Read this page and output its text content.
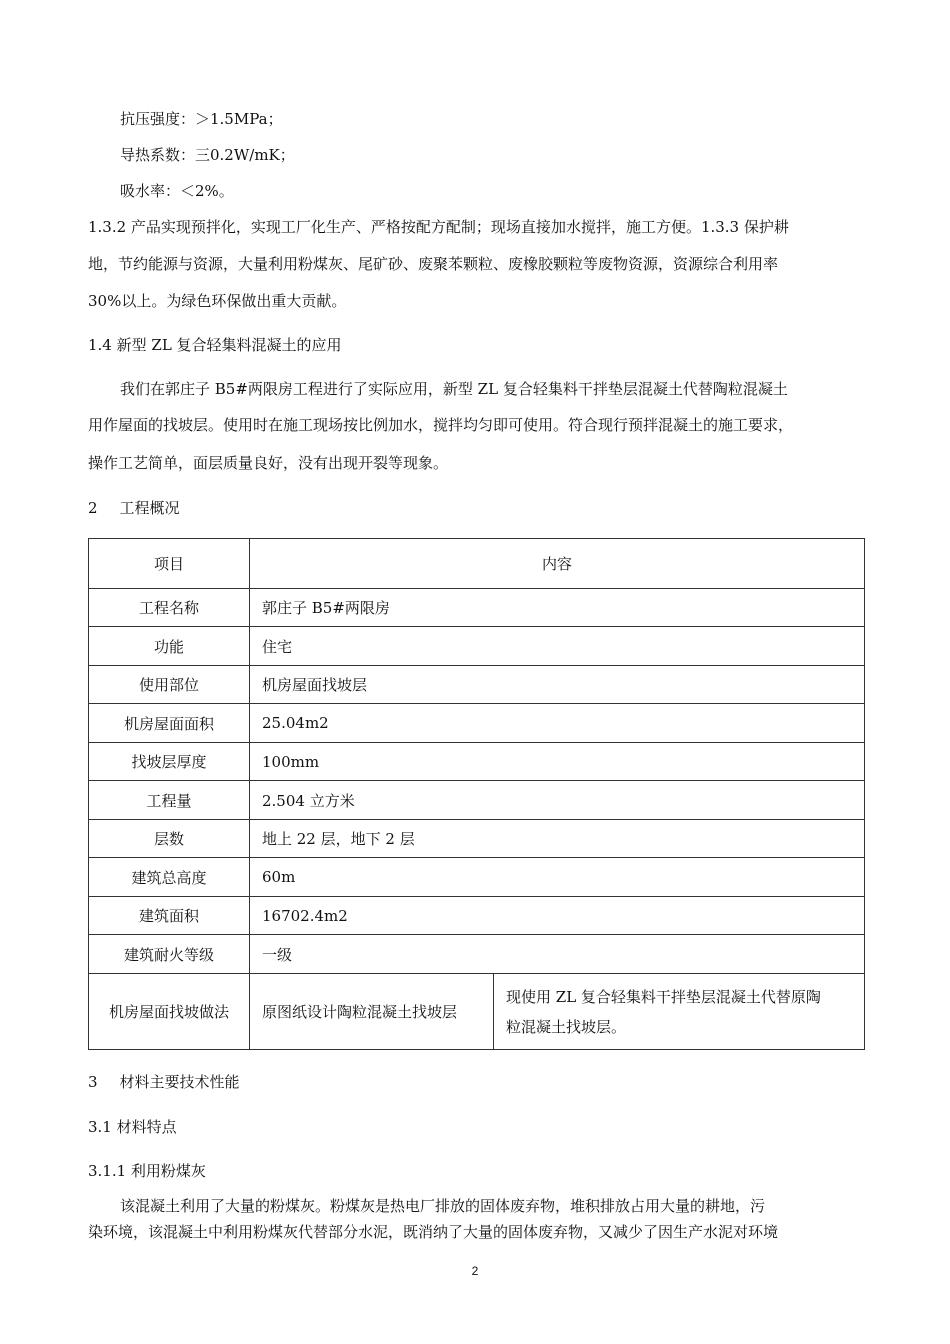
抗压强度：＞1.5MPa；
导热系数：三0.2W/mK；
吸水率：＜2%。
1.3.2 产品实现预拌化，实现工厂化生产、严格按配方配制；现场直接加水搅拌，施工方便。1.3.3 保护耕
地，节约能源与资源，大量利用粉煤灰、尾矿砂、废聚苯颗粒、废橡胶颗粒等废物资源，资源综合利用率
30%以上。为绿色环保做出重大贡献。
1.4 新型 ZL 复合轻集料混凝土的应用
我们在郭庄子 B5#两限房工程进行了实际应用，新型 ZL 复合轻集料干拌垫层混凝土代替陶粒混凝土
用作屋面的找坡层。使用时在施工现场按比例加水，搅拌均匀即可使用。符合现行预拌混凝土的施工要求，
操作工艺简单，面层质量良好，没有出现开裂等现象。
2 工程概况
项目	内容	
工程名称	郭庄子 B5#两限房	
功能	住宅	
使用部位	机房屋面找坡层	
机房屋面面积	25.04m2	
找坡层厚度	100mm	
工程量	2.504 立方米	
层数	地上 22 层，地下 2 层	
建筑总高度	60m	
建筑面积	16702.4m2	
建筑耐火等级	一级	
机房屋面找坡做法	原图纸设计陶粒混凝土找坡层	现使用 ZL 复合轻集料干拌垫层混凝土代替原陶
粒混凝土找坡层。
3 材料主要技术性能
3.1 材料特点
3.1.1 利用粉煤灰
该混凝土利用了大量的粉煤灰。粉煤灰是热电厂排放的固体废弃物，堆积排放占用大量的耕地，污
染环境，该混凝土中利用粉煤灰代替部分水泥，既消纳了大量的固体废弃物，又减少了因生产水泥对环境
2
